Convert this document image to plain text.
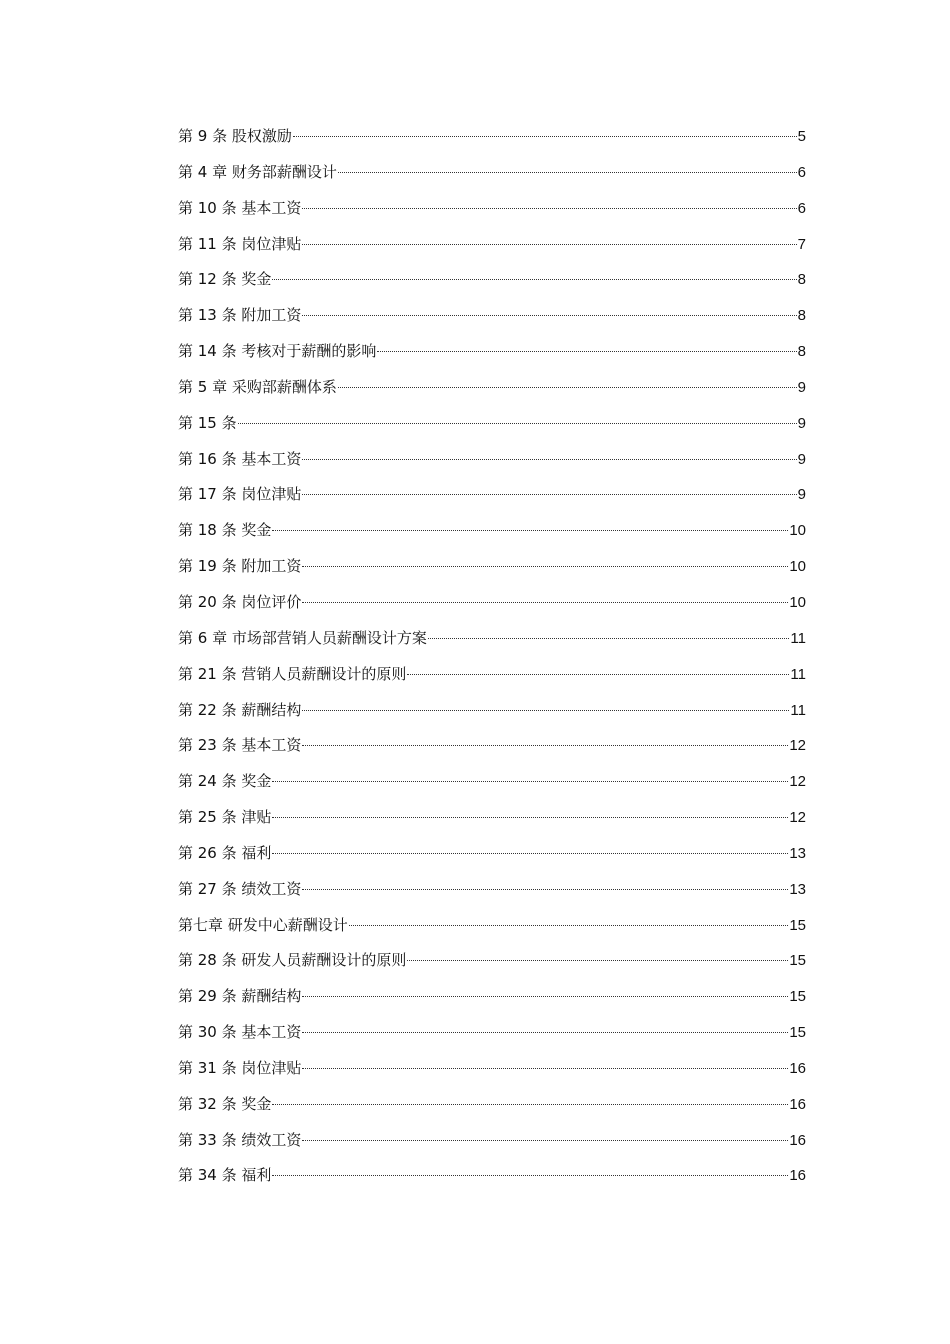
第 9 条 股权激励	5
第 4 章 财务部薪酬设计	6
第 10 条 基本工资	6
第 11 条 岗位津贴	7
第 12 条 奖金	8
第 13 条 附加工资	8
第 14 条 考核对于薪酬的影响	8
第 5 章 采购部薪酬体系	9
第 15 条	9
第 16 条 基本工资	9
第 17 条 岗位津贴	9
第 18 条 奖金	10
第 19 条 附加工资	10
第 20 条 岗位评价	10
第 6 章 市场部营销人员薪酬设计方案	11
第 21 条 营销人员薪酬设计的原则	11
第 22 条 薪酬结构	11
第 23 条 基本工资	12
第 24 条 奖金	12
第 25 条 津贴	12
第 26 条 福利	13
第 27 条 绩效工资	13
第七章 研发中心薪酬设计	15
第 28 条 研发人员薪酬设计的原则	15
第 29 条 薪酬结构	15
第 30 条 基本工资	15
第 31 条 岗位津贴	16
第 32 条 奖金	16
第 33 条 绩效工资	16
第 34 条 福利	16
